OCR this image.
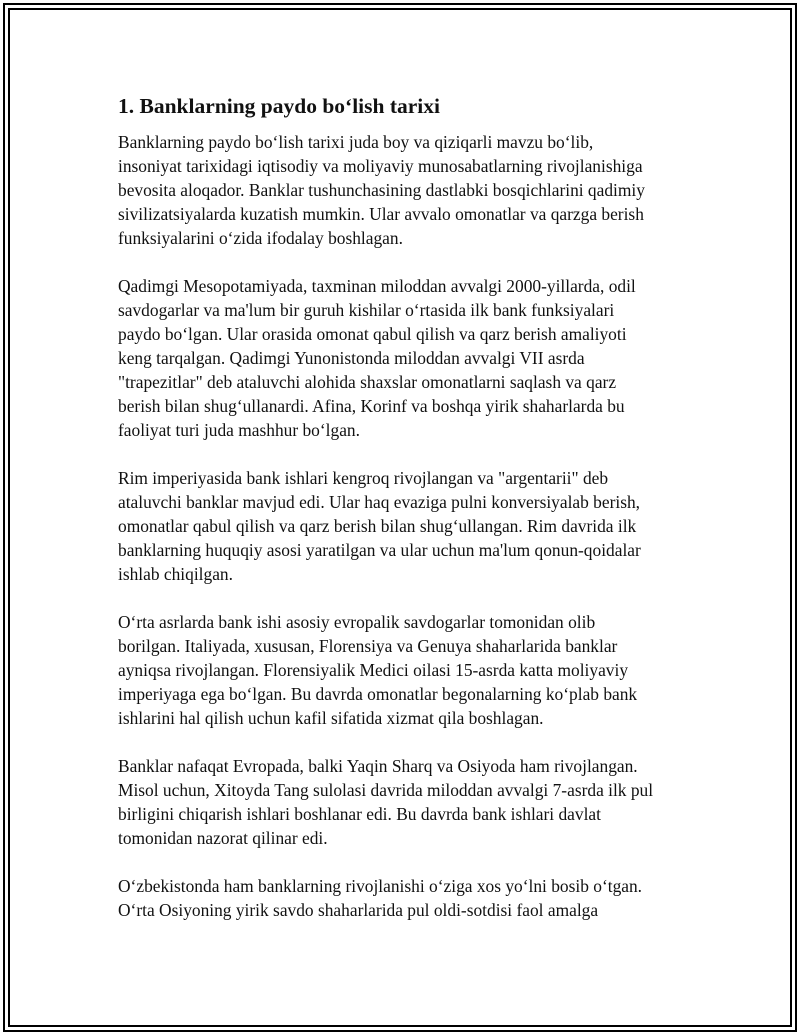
1. Banklarning paydo bo‘lish tarixi

Banklarning paydo bo‘lish tarixi juda boy va qiziqarli mavzu bo‘lib,
insoniyat tarixidagi iqtisodiy va moliyaviy munosabatlarning rivojlanishiga
bevosita aloqador. Banklar tushunchasining dastlabki bosqichlarini qadimiy
sivilizatsiyalarda kuzatish mumkin. Ular avvalo omonatlar va qarzga berish
funksiyalarini o‘zida ifodalay boshlagan.

Qadimgi Mesopotamiyada, taxminan miloddan avvalgi 2000-yillarda, odil
savdogarlar va ma'lum bir guruh kishilar o‘rtasida ilk bank funksiyalari
paydo bo‘lgan. Ular orasida omonat qabul qilish va qarz berish amaliyoti
keng tarqalgan. Qadimgi Yunonistonda miloddan avvalgi VII asrda
"trapezitlar" deb ataluvchi alohida shaxslar omonatlarni saqlash va qarz
berish bilan shug‘ullanardi. Afina, Korinf va boshqa yirik shaharlarda bu
faoliyat turi juda mashhur bo‘lgan.

Rim imperiyasida bank ishlari kengroq rivojlangan va "argentarii" deb
ataluvchi banklar mavjud edi. Ular haq evaziga pulni konversiyalab berish,
omonatlar qabul qilish va qarz berish bilan shug‘ullangan. Rim davrida ilk
banklarning huquqiy asosi yaratilgan va ular uchun ma'lum qonun-qoidalar
ishlab chiqilgan.

O‘rta asrlarda bank ishi asosiy evropalik savdogarlar tomonidan olib
borilgan. Italiyada, xususan, Florensiya va Genuya shaharlarida banklar
ayniqsa rivojlangan. Florensiyalik Medici oilasi 15-asrda katta moliyaviy
imperiyaga ega bo‘lgan. Bu davrda omonatlar begonalarning ko‘plab bank
ishlarini hal qilish uchun kafil sifatida xizmat qila boshlagan.

Banklar nafaqat Evropada, balki Yaqin Sharq va Osiyoda ham rivojlangan.
Misol uchun, Xitoyda Tang sulolasi davrida miloddan avvalgi 7-asrda ilk pul
birligini chiqarish ishlari boshlanar edi. Bu davrda bank ishlari davlat
tomonidan nazorat qilinar edi.

O‘zbekistonda ham banklarning rivojlanishi o‘ziga xos yo‘lni bosib o‘tgan.
O‘rta Osiyoning yirik savdo shaharlarida pul oldi-sotdisi faol amalga
